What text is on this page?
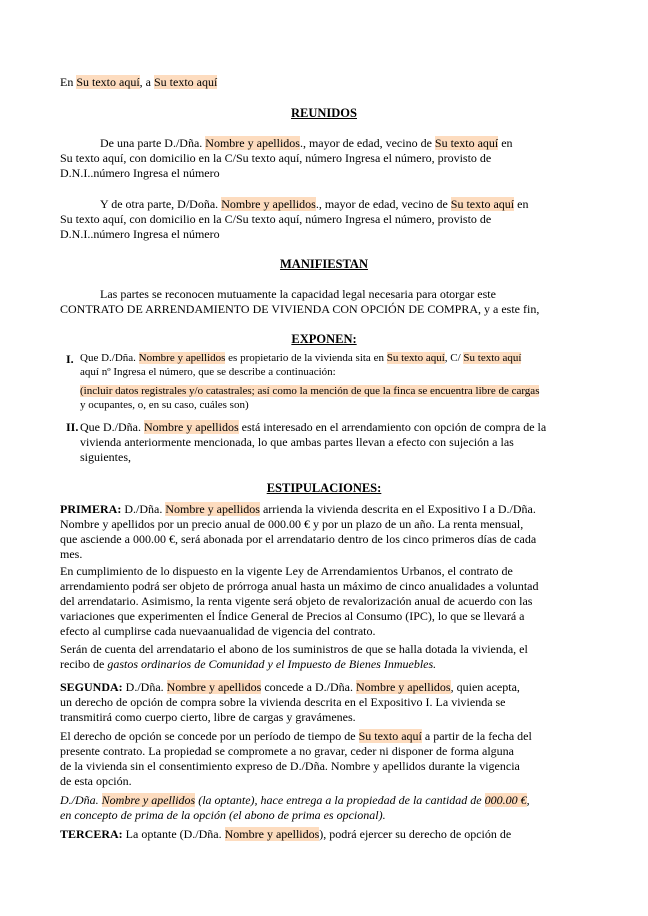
En Su texto aquí, a Su texto aquí
REUNIDOS
De una parte D./Dña. Nombre y apellidos., mayor de edad, vecino de Su texto aquí en
Su texto aquí, con domicilio en la C/Su texto aquí, número Ingresa el número, provisto de
D.N.I..número Ingresa el número
Y de otra parte, D/Doña. Nombre y apellidos., mayor de edad, vecino de Su texto aquí en
Su texto aquí, con domicilio en la C/Su texto aquí, número Ingresa el número, provisto de
D.N.I..número Ingresa el número
MANIFIESTAN
Las partes se reconocen mutuamente la capacidad legal necesaria para otorgar este
CONTRATO DE ARRENDAMIENTO DE VIVIENDA CON OPCIÓN DE COMPRA, y a este fin,
EXPONEN:
I. Que D./Dña. Nombre y apellidos es propietario de la vivienda sita en Su texto aquí, C/ Su texto aquí
aquí nº Ingresa el número, que se describe a continuación:
(incluir datos registrales y/o catastrales; así como la mención de que la finca se encuentra libre de cargas
y ocupantes, o, en su caso, cuáles son)
II. Que D./Dña. Nombre y apellidos está interesado en el arrendamiento con opción de compra de la
vivienda anteriormente mencionada, lo que ambas partes llevan a efecto con sujeción a las
siguientes,
ESTIPULACIONES:
PRIMERA: D./Dña. Nombre y apellidos arrienda la vivienda descrita en el Expositivo I a D./Dña.
Nombre y apellidos por un precio anual de 000.00 € y por un plazo de un año. La renta mensual,
que asciende a 000.00 €, será abonada por el arrendatario dentro de los cinco primeros días de cada
mes.
En cumplimiento de lo dispuesto en la vigente Ley de Arrendamientos Urbanos, el contrato de
arrendamiento podrá ser objeto de prórroga anual hasta un máximo de cinco anualidades a voluntad
del arrendatario. Asimismo, la renta vigente será objeto de revalorización anual de acuerdo con las
variaciones que experimenten el Índice General de Precios al Consumo (IPC), lo que se llevará a
efecto al cumplirse cada nuevaanualidad de vigencia del contrato.
Serán de cuenta del arrendatario el abono de los suministros de que se halla dotada la vivienda, el
recibo de gastos ordinarios de Comunidad y el Impuesto de Bienes Inmuebles.
SEGUNDA: D./Dña. Nombre y apellidos concede a D./Dña. Nombre y apellidos, quien acepta,
un derecho de opción de compra sobre la vivienda descrita en el Expositivo I. La vivienda se
transmitirá como cuerpo cierto, libre de cargas y gravámenes.
El derecho de opción se concede por un período de tiempo de Su texto aquí a partir de la fecha del
presente contrato. La propiedad se compromete a no gravar, ceder ni disponer de forma alguna
de la vivienda sin el consentimiento expreso de D./Dña. Nombre y apellidos durante la vigencia
de esta opción.
D./Dña. Nombre y apellidos (la optante), hace entrega a la propiedad de la cantidad de 000.00 €,
en concepto de prima de la opción (el abono de prima es opcional).
TERCERA: La optante (D./Dña. Nombre y apellidos), podrá ejercer su derecho de opción de
